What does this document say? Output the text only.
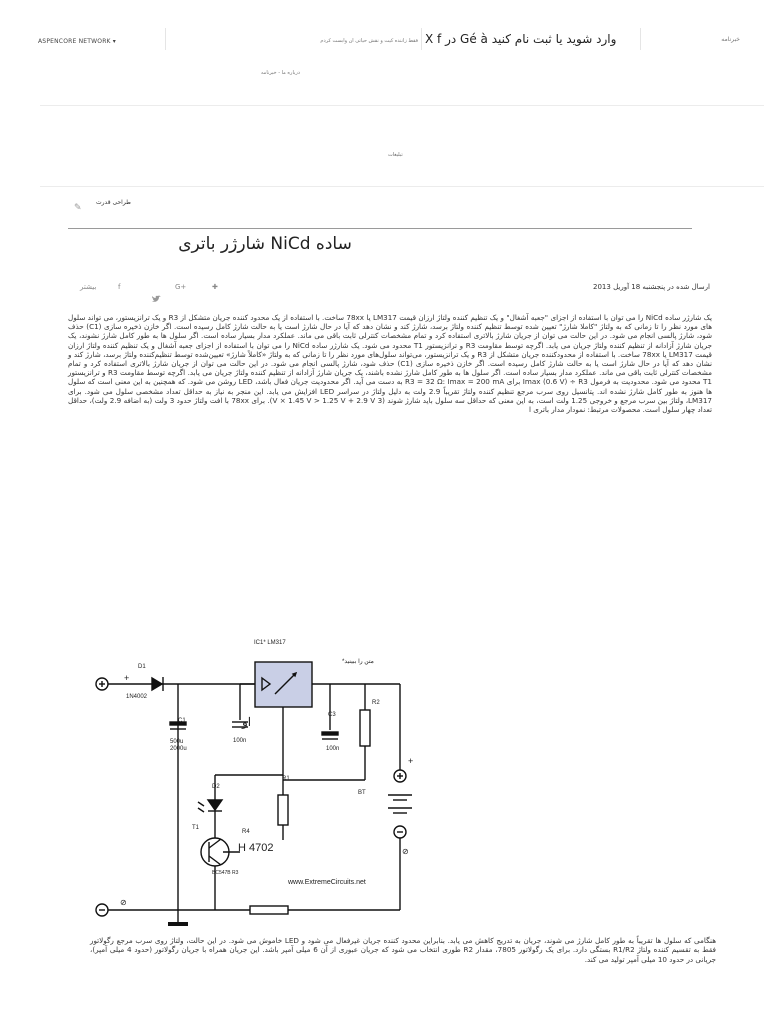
ASPENCORE NETWORK ▾	فقط زاننده کیت و نقش حیاتی ان وابست کردم وارد شوید یا ثبت نام کنید Gé à در X f	خبرنامه
درباره ما - خبرنامه
تبلیغات
طراحی قدرت
✎
شارژر باتری NiCd ساده
بیشتر	f	G+	✚	ارسال شده در پنجشنبه 18 آوریل 2013
یک شارژر ساده NiCd را می توان با استفاده از اجزای "جعبه آشغال" و یک تنظیم کننده ولتاژ ارزان قیمت LM317 یا 78xx ساخت. با استفاده از یک محدود کننده جریان متشکل از R3 و یک ترانزیستور، می تواند سلول های مورد نظر را تا زمانی که به ولتاژ "کاملا شارژ" تعیین شده توسط تنظیم کننده ولتاژ برسد، شارژ کند و نشان دهد که آیا در حال شارژ است یا به حالت شارژ کامل رسیده است. اگر خازن ذخیره سازی (C1) حذف شود، شارژ پالسی انجام می شود. در این حالت می توان از جریان شارژ بالاتری استفاده کرد و تمام مشخصات کنترلی ثابت باقی می ماند. عملکرد مدار بسیار ساده است. اگر سلول ها به طور کامل شارژ نشوند، یک جریان شارژ آزادانه از تنظیم کننده ولتاژ جریان می یابد. اگرچه توسط مقاومت R3 و ترانزیستور T1 محدود می شود. یک شارژر ساده NiCd را می توان با استفاده از اجزای جعبه آشغال و یک تنظیم کننده ولتاژ ارزان قیمت LM317 یا 78xx ساخت. با استفاده از محدودکننده جریان متشکل از R3 و یک ترانزیستور، می‌تواند سلول‌های مورد نظر را تا زمانی که به ولتاژ «کاملاً شارژ» تعیین‌شده توسط تنظیم‌کننده ولتاژ برسد، شارژ کند و نشان دهد که آیا در حال شارژ است یا به حالت شارژ کامل رسیده است. اگر خازن ذخیره سازی (C1) حذف شود، شارژ پالسی انجام می شود. در این حالت می توان از جریان شارژ بالاتری استفاده کرد و تمام مشخصات کنترلی ثابت باقی می ماند. عملکرد مدار بسیار ساده است. اگر سلول ها به طور کامل شارژ نشده باشند، یک جریان شارژ آزادانه از تنظیم کننده ولتاژ جریان می یابد. اگرچه توسط مقاومت R3 و ترانزیستور T1 محدود می شود. محدودیت به فرمول Imax (0.6 V) ÷ R3 برای R3 = 32 Ω: Imax = 200 mA به دست می آید. اگر محدودیت جریان فعال باشد، LED روشن می شود. که همچنین به این معنی است که سلول ها هنوز به طور کامل شارژ نشده اند. پتانسیل روی سرب مرجع تنظیم کننده ولتاژ تقریباً 2.9 ولت به دلیل ولتاژ در سراسر LED افزایش می یابد. این منجر به نیاز به حداقل تعداد مشخصی سلول می شود. برای LM317، ولتاژ بین سرب مرجع و خروجی 1.25 ولت است، به این معنی که حداقل سه سلول باید شارژ شوند (3 V × 1.45 V > 1.25 V + 2.9 V). برای 78xx با افت ولتاژ حدود 3 ولت (به اضافه 2.9 ولت)، حداقل تعداد چهار سلول است. محصولات مرتبط: نمودار مدار باتری l
IC1* LM317
*متن را ببینید
D1
1N4002
C1
500u
2000u
او
100n
C3
100n
R2
R1
D2
T1
R4
H 4702
BC547B R3
BT
www.ExtremeCircuits.net
+
+
⊘
⊘
هنگامی که سلول ها تقریباً به طور کامل شارژ می شوند، جریان به تدریج کاهش می یابد. بنابراین محدود کننده جریان غیرفعال می شود و LED خاموش می شود. در این حالت، ولتاژ روی سرب مرجع رگولاتور فقط به تقسیم کننده ولتاژ R1/R2 بستگی دارد. برای یک رگولاتور 7805، مقدار R2 طوری انتخاب می شود که جریان عبوری از آن 6 میلی آمپر باشد. این جریان همراه با جریان رگولاتور (حدود 4 میلی آمپر)، جریانی در حدود 10 میلی آمپر تولید می کند.
